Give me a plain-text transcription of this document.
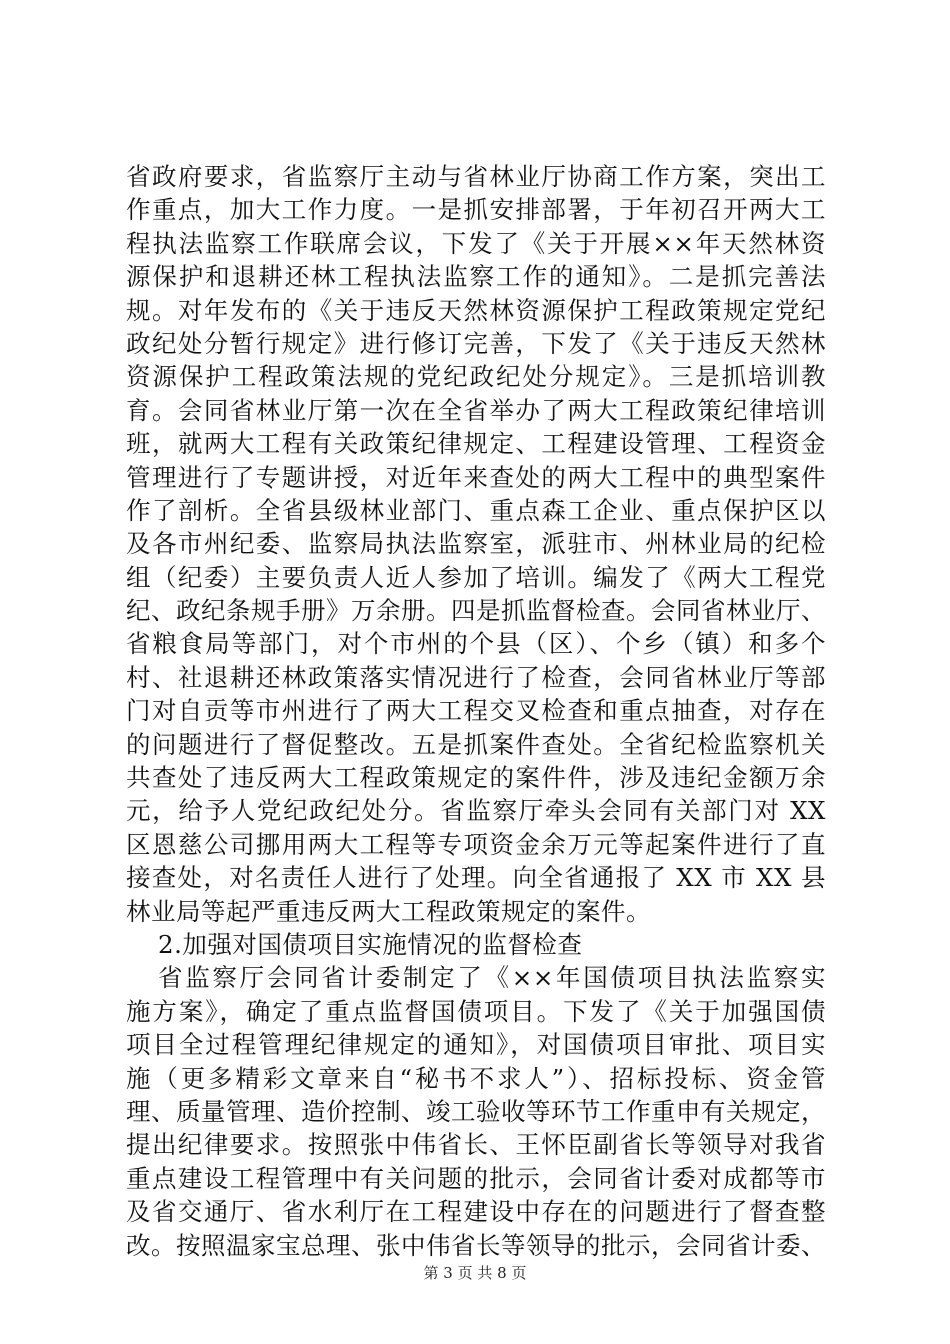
省政府要求，省监察厅主动与省林业厅协商工作方案，突出工
作重点，加大工作力度。一是抓安排部署，于年初召开两大工
程执法监察工作联席会议，下发了《关于开展××年天然林资
源保护和退耕还林工程执法监察工作的通知》。二是抓完善法
规。对年发布的《关于违反天然林资源保护工程政策规定党纪
政纪处分暂行规定》进行修订完善，下发了《关于违反天然林
资源保护工程政策法规的党纪政纪处分规定》。三是抓培训教
育。会同省林业厅第一次在全省举办了两大工程政策纪律培训
班，就两大工程有关政策纪律规定、工程建设管理、工程资金
管理进行了专题讲授，对近年来查处的两大工程中的典型案件
作了剖析。全省县级林业部门、重点森工企业、重点保护区以
及各市州纪委、监察局执法监察室，派驻市、州林业局的纪检
组（纪委）主要负责人近人参加了培训。编发了《两大工程党
纪、政纪条规手册》万余册。四是抓监督检查。会同省林业厅、
省粮食局等部门，对个市州的个县（区）、个乡（镇）和多个
村、社退耕还林政策落实情况进行了检查，会同省林业厅等部
门对自贡等市州进行了两大工程交叉检查和重点抽查，对存在
的问题进行了督促整改。五是抓案件查处。全省纪检监察机关
共查处了违反两大工程政策规定的案件件，涉及违纪金额万余
元，给予人党纪政纪处分。省监察厅牵头会同有关部门对 XX
区恩慈公司挪用两大工程等专项资金余万元等起案件进行了直
接查处，对名责任人进行了处理。向全省通报了 XX 市 XX 县
林业局等起严重违反两大工程政策规定的案件。
2.加强对国债项目实施情况的监督检查
省监察厅会同省计委制定了《××年国债项目执法监察实
施方案》，确定了重点监督国债项目。下发了《关于加强国债
项目全过程管理纪律规定的通知》，对国债项目审批、项目实
施（更多精彩文章来自“秘书不求人”）、招标投标、资金管
理、质量管理、造价控制、竣工验收等环节工作重申有关规定，
提出纪律要求。按照张中伟省长、王怀臣副省长等领导对我省
重点建设工程管理中有关问题的批示，会同省计委对成都等市
及省交通厅、省水利厅在工程建设中存在的问题进行了督查整
改。按照温家宝总理、张中伟省长等领导的批示，会同省计委、
第 3 页 共 8 页
